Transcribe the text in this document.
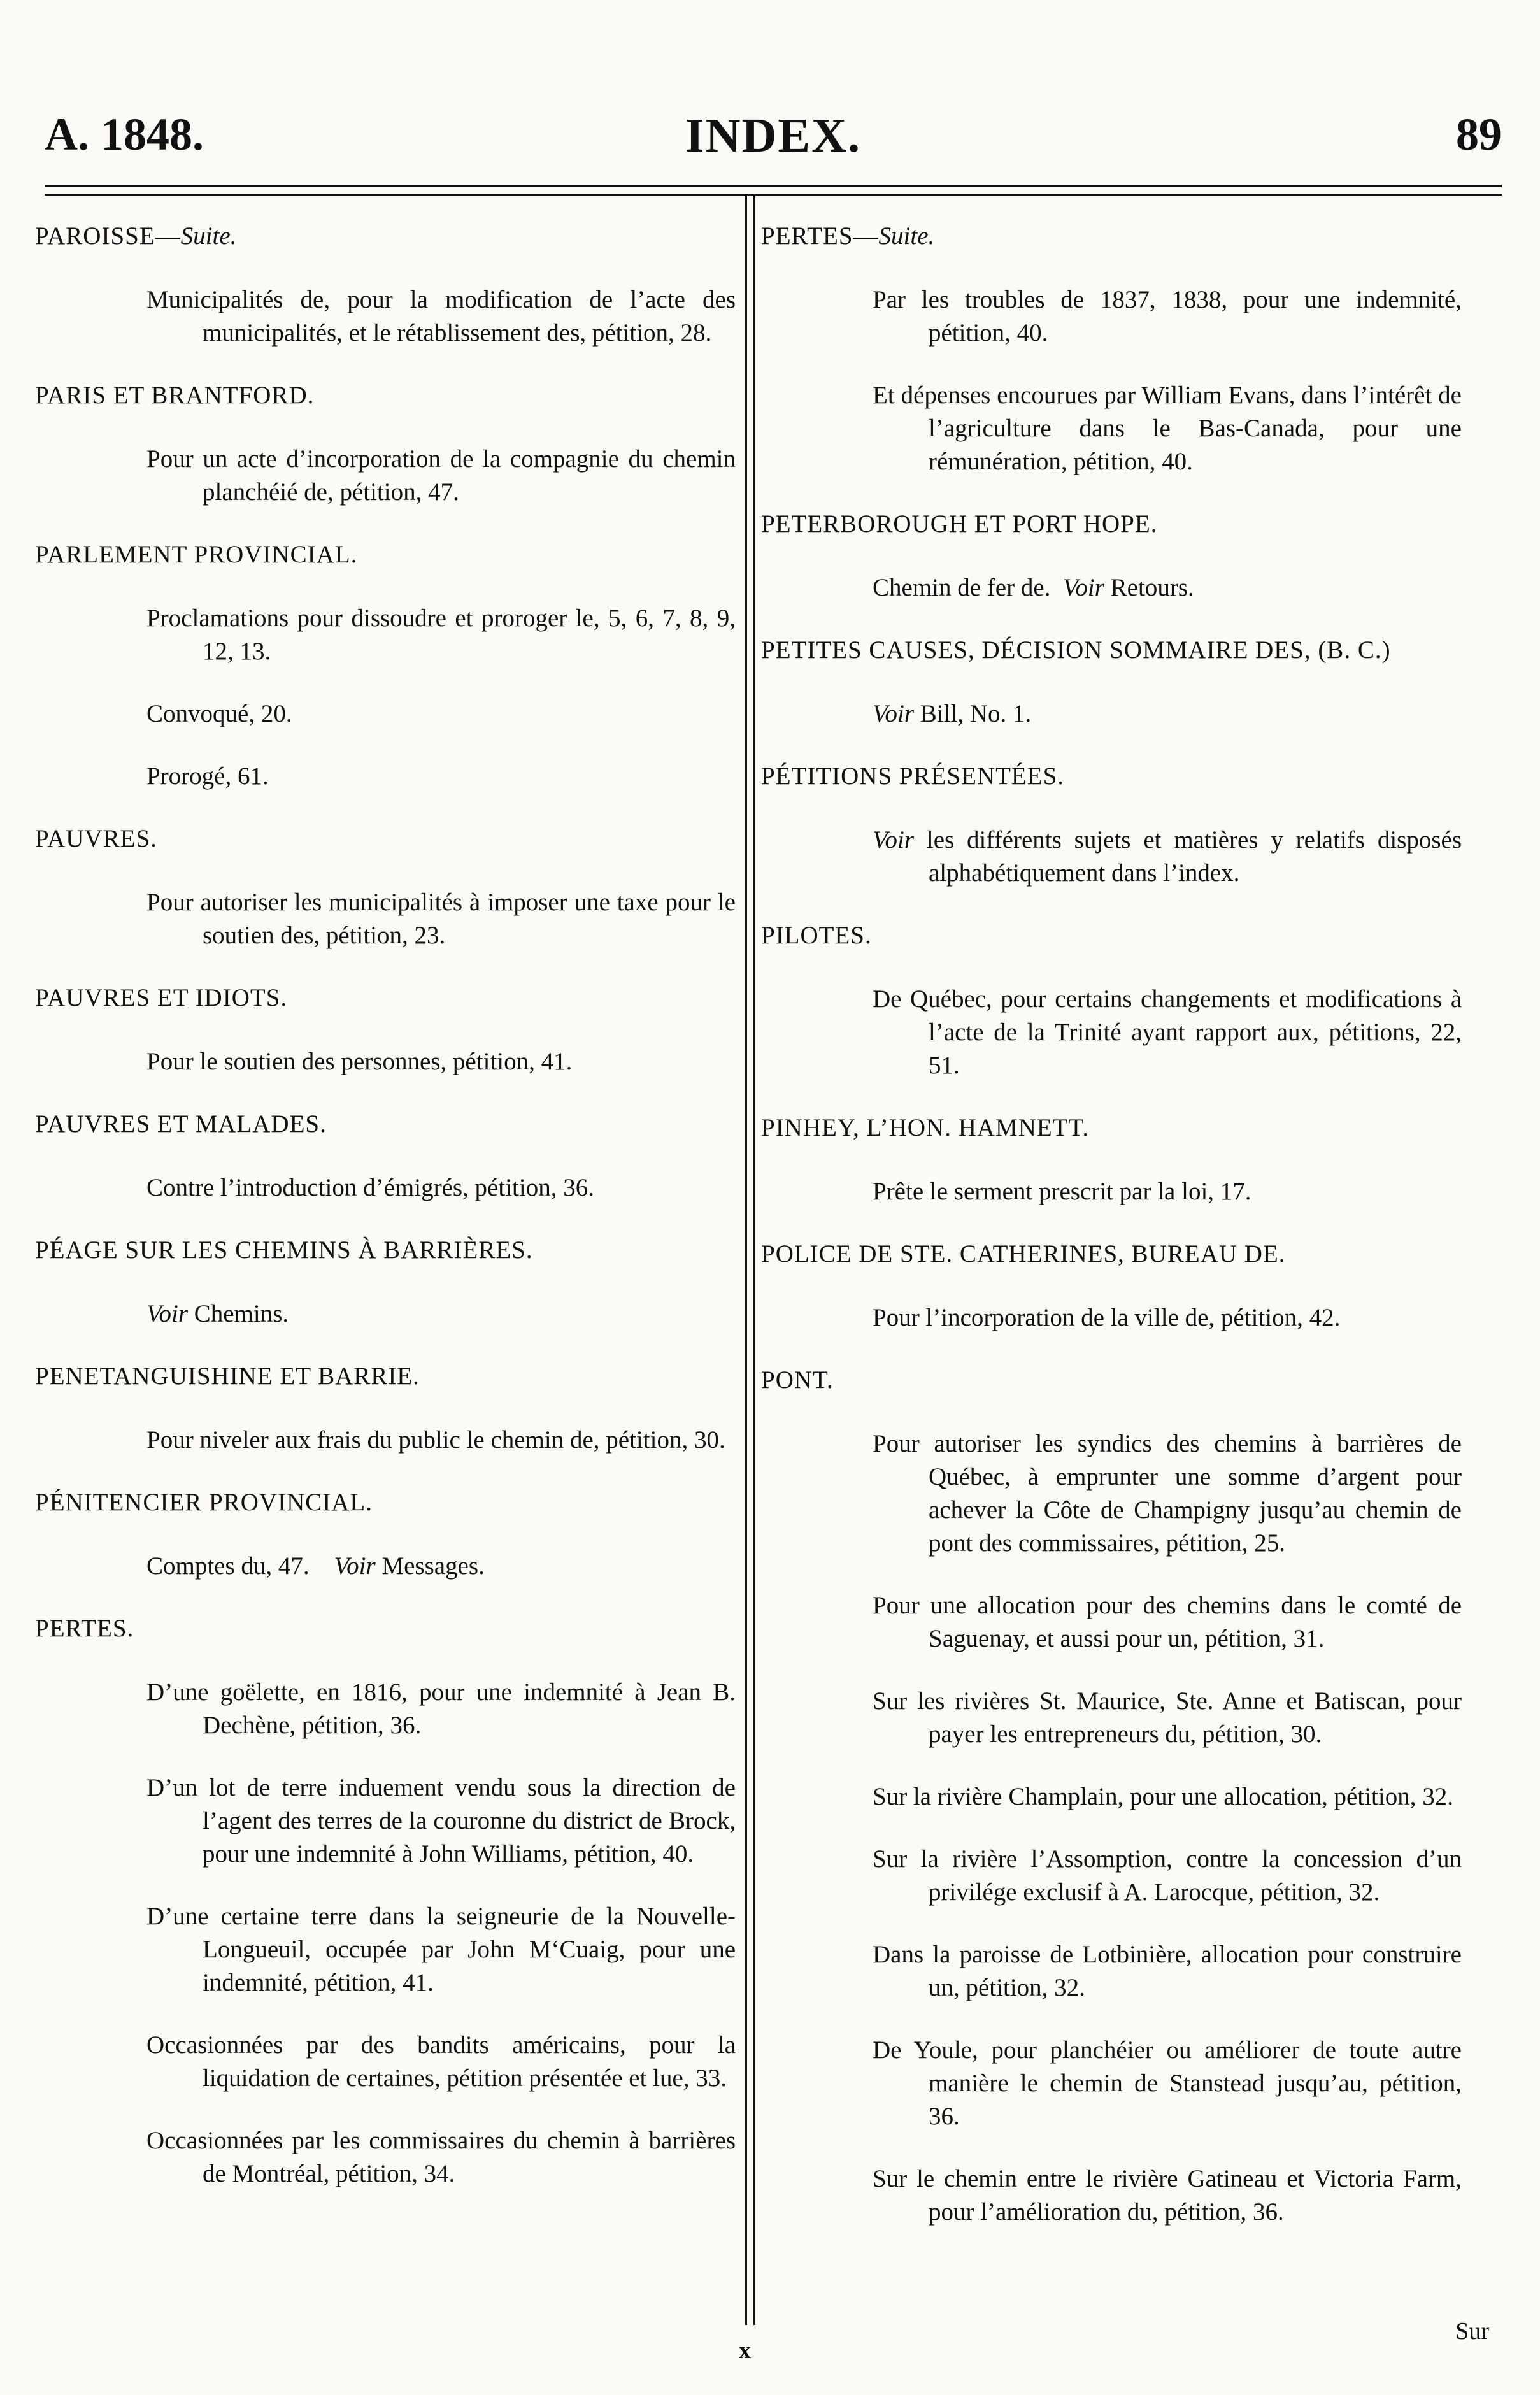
A. 1848.	INDEX.	89
PAROISSE—Suite.
Municipalités de, pour la modification de l’acte des municipalités, et le rétablissement des, pétition, 28.
PARIS ET BRANTFORD.
Pour un acte d’incorporation de la compagnie du chemin planchéié de, pétition, 47.
PARLEMENT PROVINCIAL.
Proclamations pour dissoudre et proroger le, 5, 6, 7, 8, 9, 12, 13.
Convoqué, 20.
Prorogé, 61.
PAUVRES.
Pour autoriser les municipalités à imposer une taxe pour le soutien des, pétition, 23.
PAUVRES ET IDIOTS.
Pour le soutien des personnes, pétition, 41.
PAUVRES ET MALADES.
Contre l’introduction d’émigrés, pétition, 36.
PÉAGE SUR LES CHEMINS À BARRIÈRES.
Voir Chemins.
PENETANGUISHINE ET BARRIE.
Pour niveler aux frais du public le chemin de, pétition, 30.
PÉNITENCIER PROVINCIAL.
Comptes du, 47.    Voir Messages.
PERTES.
D’une goëlette, en 1816, pour une indemnité à Jean B. Dechène, pétition, 36.
D’un lot de terre induement vendu sous la direction de l’agent des terres de la couronne du district de Brock, pour une indemnité à John Williams, pétition, 40.
D’une certaine terre dans la seigneurie de la Nouvelle-Longueuil, occupée par John M‘Cuaig, pour une indemnité, pétition, 41.
Occasionnées par des bandits américains, pour la liquidation de certaines, pétition présentée et lue, 33.
Occasionnées par les commissaires du chemin à barrières de Montréal, pétition, 34.
PERTES—Suite.
Par les troubles de 1837, 1838, pour une indemnité, pétition, 40.
Et dépenses encourues par William Evans, dans l’intérêt de l’agriculture dans le Bas-Canada, pour une rémunération, pétition, 40.
PETERBOROUGH ET PORT HOPE.
Chemin de fer de.  Voir Retours.
PETITES CAUSES, DÉCISION SOMMAIRE DES, (B. C.)
Voir Bill, No. 1.
PÉTITIONS PRÉSENTÉES.
Voir les différents sujets et matières y relatifs disposés alphabétiquement dans l’index.
PILOTES.
De Québec, pour certains changements et modifications à l’acte de la Trinité ayant rapport aux, pétitions, 22, 51.
PINHEY, L’HON. HAMNETT.
Prête le serment prescrit par la loi, 17.
POLICE DE STE. CATHERINES, BUREAU DE.
Pour l’incorporation de la ville de, pétition, 42.
PONT.
Pour autoriser les syndics des chemins à barrières de Québec, à emprunter une somme d’argent pour achever la Côte de Champigny jusqu’au chemin de pont des commissaires, pétition, 25.
Pour une allocation pour des chemins dans le comté de Saguenay, et aussi pour un, pétition, 31.
Sur les rivières St. Maurice, Ste. Anne et Batiscan, pour payer les entrepreneurs du, pétition, 30.
Sur la rivière Champlain, pour une allocation, pétition, 32.
Sur la rivière l’Assomption, contre la concession d’un privilége exclusif à A. Larocque, pétition, 32.
Dans la paroisse de Lotbinière, allocation pour construire un, pétition, 32.
De Youle, pour planchéier ou améliorer de toute autre manière le chemin de Stanstead jusqu’au, pétition, 36.
Sur le chemin entre le rivière Gatineau et Victoria Farm, pour l’amélioration du, pétition, 36.
x
Sur
